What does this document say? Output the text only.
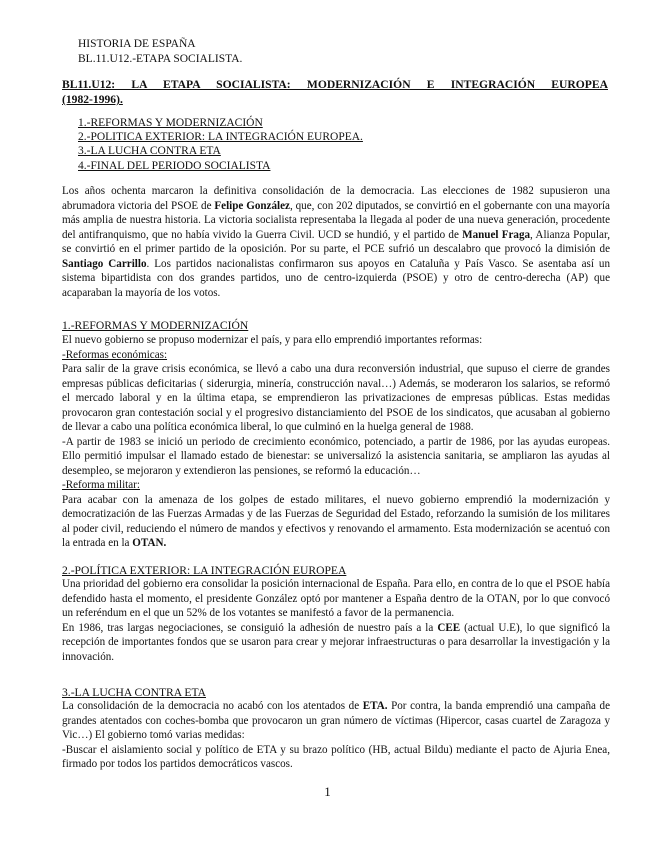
HISTORIA DE ESPAÑA
BL.11.U12.-ETAPA SOCIALISTA.
BL11.U12: LA ETAPA SOCIALISTA: MODERNIZACIÓN E INTEGRACIÓN EUROPEA
(1982-1996).
1.-REFORMAS Y MODERNIZACIÓN
2.-POLITICA EXTERIOR: LA INTEGRACIÓN EUROPEA.
3.-LA LUCHA CONTRA ETA
4.-FINAL DEL PERIODO SOCIALISTA

Los años ochenta marcaron la definitiva consolidación de la democracia. Las elecciones de 1982 supusieron una abrumadora victoria del PSOE de Felipe González, que, con 202 diputados, se convirtió en el gobernante con una mayoría más amplia de nuestra historia. La victoria socialista representaba la llegada al poder de una nueva generación, procedente del antifranquismo, que no había vivido la Guerra Civil. UCD se hundió, y el partido de Manuel Fraga, Alianza Popular, se convirtió en el primer partido de la oposición. Por su parte, el PCE sufrió un descalabro que provocó la dimisión de Santiago Carrillo. Los partidos nacionalistas confirmaron sus apoyos en Cataluña y País Vasco. Se asentaba así un sistema bipartidista con dos grandes partidos, uno de centro-izquierda (PSOE) y otro de centro-derecha (AP) que acaparaban la mayoría de los votos.

1.-REFORMAS Y MODERNIZACIÓN

El nuevo gobierno se propuso modernizar el país, y para ello emprendió importantes reformas:

-Reformas económicas:

Para salir de la grave crisis económica, se llevó a cabo una dura reconversión industrial, que supuso el cierre de grandes empresas públicas deficitarias ( siderurgia, minería, construcción naval…) Además, se moderaron los salarios, se reformó el mercado laboral y en la última etapa, se emprendieron las privatizaciones de empresas públicas. Estas medidas provocaron gran contestación social y el progresivo distanciamiento del PSOE de los sindicatos, que acusaban al gobierno de llevar a cabo una política económica liberal, lo que culminó en la huelga general de 1988.

-A partir de 1983 se inició un periodo de crecimiento económico, potenciado, a partir de 1986, por las ayudas europeas. Ello permitió impulsar el llamado estado de bienestar: se universalizó la asistencia sanitaria, se ampliaron las ayudas al desempleo, se mejoraron y extendieron las pensiones, se reformó la educación…

-Reforma militar:

Para acabar con la amenaza de los golpes de estado militares, el nuevo gobierno emprendió la modernización y democratización de las Fuerzas Armadas y de las Fuerzas de Seguridad del Estado, reforzando la sumisión de los militares al poder civil, reduciendo el número de mandos y efectivos y renovando el armamento. Esta modernización se acentuó con la entrada en la OTAN.

2.-POLÍTICA EXTERIOR: LA INTEGRACIÓN EUROPEA

Una prioridad del gobierno era consolidar la posición internacional de España. Para ello, en contra de lo que el PSOE había defendido hasta el momento, el presidente González optó por mantener a España dentro de la OTAN, por lo que convocó un referéndum en el que un 52% de los votantes se manifestó a favor de la permanencia.

En 1986, tras largas negociaciones, se consiguió la adhesión de nuestro país a la CEE (actual U.E), lo que significó la recepción de importantes fondos que se usaron para crear y mejorar infraestructuras o para desarrollar la investigación y la innovación.

3.-LA LUCHA CONTRA ETA

La consolidación de la democracia no acabó con los atentados de ETA. Por contra, la banda emprendió una campaña de grandes atentados con coches-bomba que provocaron un gran número de víctimas (Hipercor, casas cuartel de Zaragoza y Vic…) El gobierno tomó varias medidas:

-Buscar el aislamiento social y político de ETA y su brazo político (HB, actual Bildu) mediante el pacto de Ajuria Enea, firmado por todos los partidos democráticos vascos.

1
